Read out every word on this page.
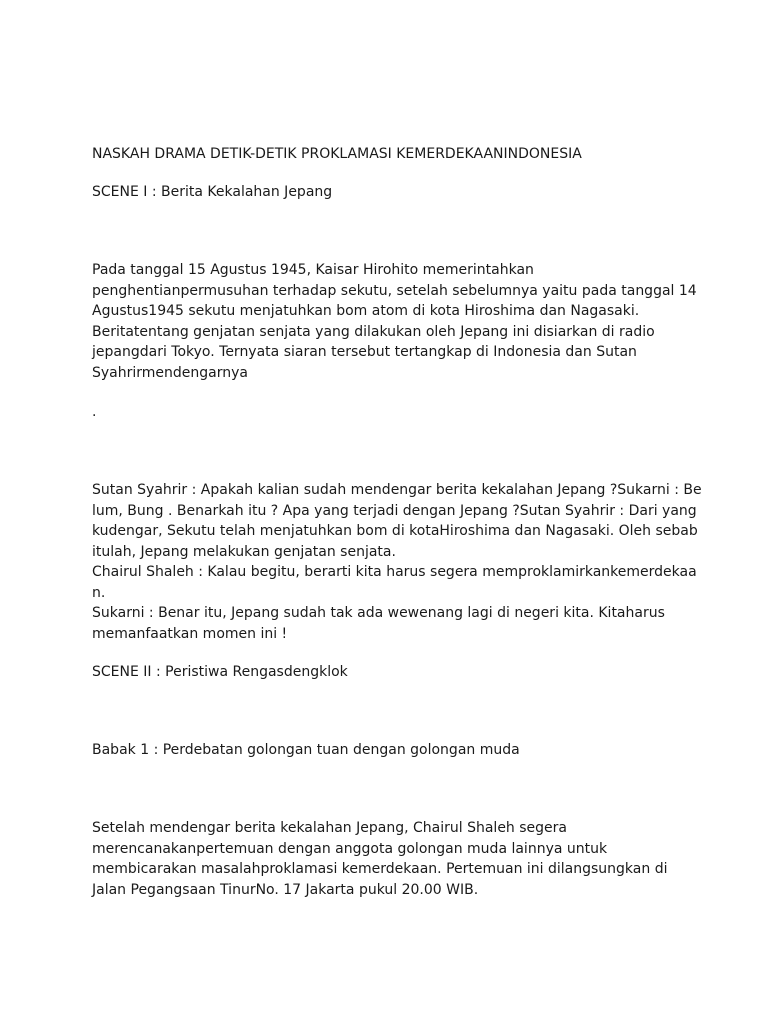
NASKAH DRAMA DETIK-DETIK PROKLAMASI KEMERDEKAANINDONESIA

SCENE I : Berita Kekalahan Jepang

Pada tanggal 15 Agustus 1945, Kaisar Hirohito memerintahkan
penghentianpermusuhan terhadap sekutu, setelah sebelumnya yaitu pada tanggal 14
Agustus1945 sekutu menjatuhkan bom atom di kota Hiroshima dan Nagasaki.
Beritatentang genjatan senjata yang dilakukan oleh Jepang ini disiarkan di radio
jepangdari Tokyo. Ternyata siaran tersebut tertangkap di Indonesia dan Sutan
Syahrirmendengarnya

.

Sutan Syahrir : Apakah kalian sudah mendengar berita kekalahan Jepang ?Sukarni : Be
lum, Bung . Benarkah itu ? Apa yang terjadi dengan Jepang ?Sutan Syahrir : Dari yang
kudengar, Sekutu telah menjatuhkan bom di kotaHiroshima dan Nagasaki. Oleh sebab
itulah, Jepang melakukan genjatan senjata.
Chairul Shaleh : Kalau begitu, berarti kita harus segera memproklamirkankemerdekaa
n.
Sukarni : Benar itu, Jepang sudah tak ada wewenang lagi di negeri kita. Kitaharus
memanfaatkan momen ini !

SCENE II : Peristiwa Rengasdengklok

Babak 1 : Perdebatan golongan tuan dengan golongan muda

Setelah mendengar berita kekalahan Jepang, Chairul Shaleh segera
merencanakanpertemuan dengan anggota golongan muda lainnya untuk
membicarakan masalahproklamasi kemerdekaan. Pertemuan ini dilangsungkan di
Jalan Pegangsaan TinurNo. 17 Jakarta pukul 20.00 WIB.
